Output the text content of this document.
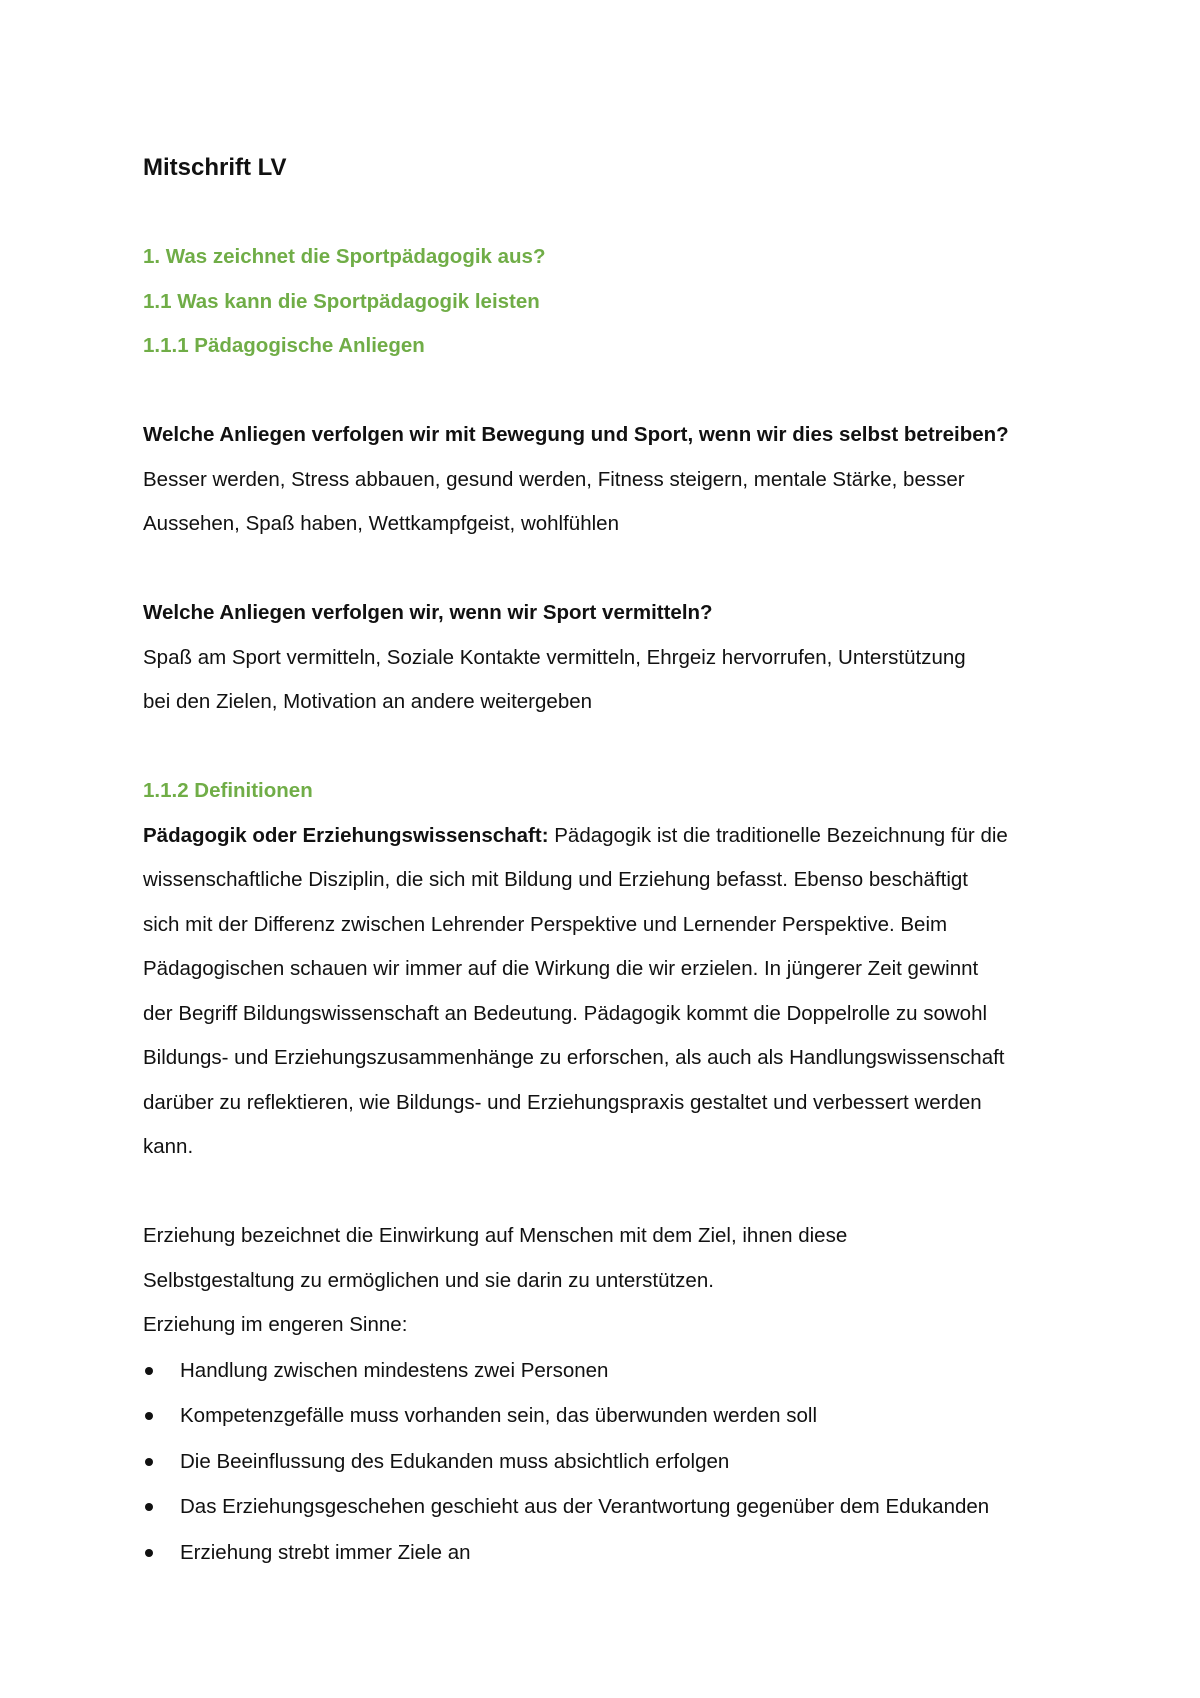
Mitschrift LV

1. Was zeichnet die Sportpädagogik aus?

1.1 Was kann die Sportpädagogik leisten

1.1.1 Pädagogische Anliegen

Welche Anliegen verfolgen wir mit Bewegung und Sport, wenn wir dies selbst betreiben?

Besser werden, Stress abbauen, gesund werden, Fitness steigern, mentale Stärke, besser

Aussehen, Spaß haben, Wettkampfgeist, wohlfühlen

Welche Anliegen verfolgen wir, wenn wir Sport vermitteln?

Spaß am Sport vermitteln, Soziale Kontakte vermitteln, Ehrgeiz hervorrufen, Unterstützung

bei den Zielen, Motivation an andere weitergeben

1.1.2 Definitionen

Pädagogik oder Erziehungswissenschaft: Pädagogik ist die traditionelle Bezeichnung für die

wissenschaftliche Disziplin, die sich mit Bildung und Erziehung befasst. Ebenso beschäftigt

sich mit der Differenz zwischen Lehrender Perspektive und Lernender Perspektive. Beim

Pädagogischen schauen wir immer auf die Wirkung die wir erzielen. In jüngerer Zeit gewinnt

der Begriff Bildungswissenschaft an Bedeutung. Pädagogik kommt die Doppelrolle zu sowohl

Bildungs- und Erziehungszusammenhänge zu erforschen, als auch als Handlungswissenschaft

darüber zu reflektieren, wie Bildungs- und Erziehungspraxis gestaltet und verbessert werden

kann.

Erziehung bezeichnet die Einwirkung auf Menschen mit dem Ziel, ihnen diese

Selbstgestaltung zu ermöglichen und sie darin zu unterstützen.

Erziehung im engeren Sinne:

Handlung zwischen mindestens zwei Personen
Kompetenzgefälle muss vorhanden sein, das überwunden werden soll
Die Beeinflussung des Edukanden muss absichtlich erfolgen
Das Erziehungsgeschehen geschieht aus der Verantwortung gegenüber dem Edukanden
Erziehung strebt immer Ziele an
